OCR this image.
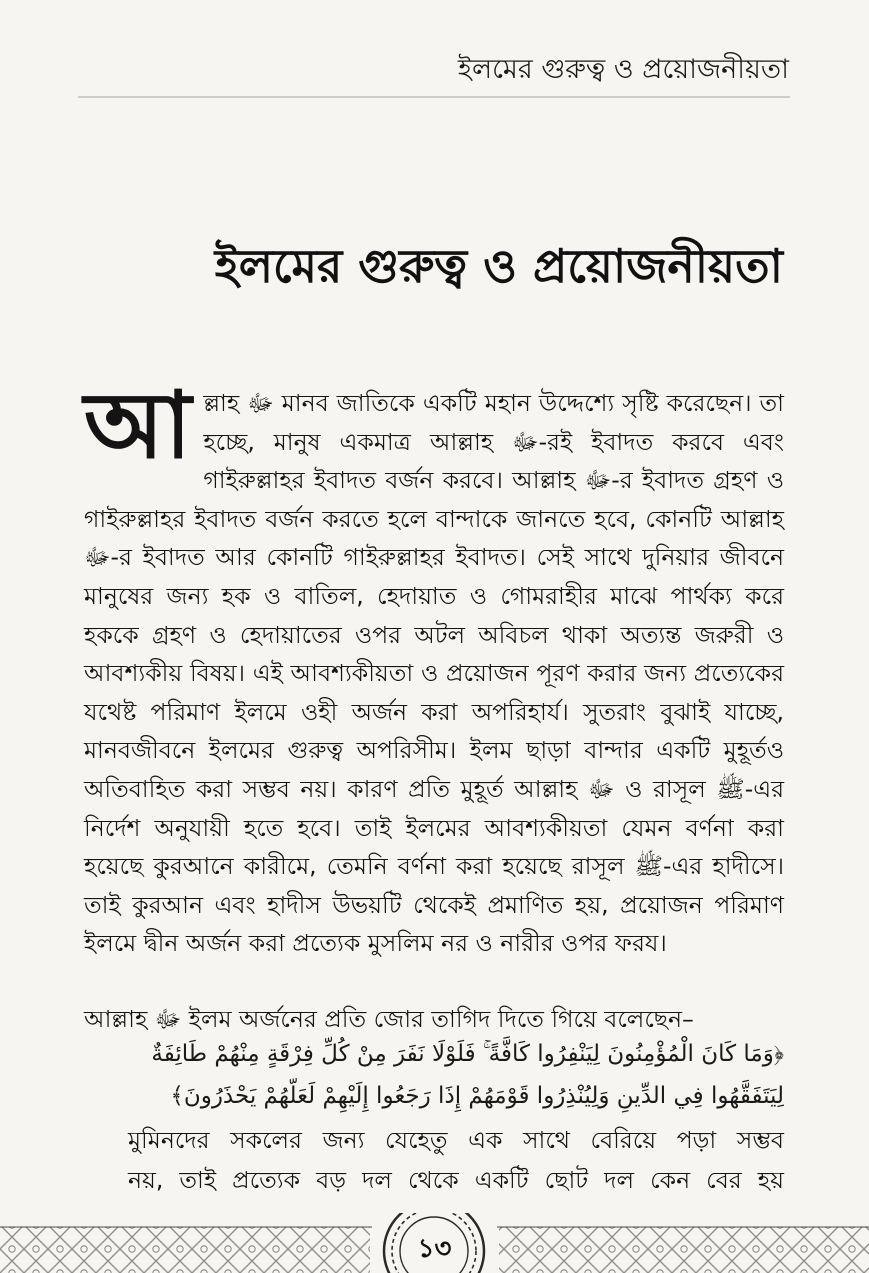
ইলমের গুরুত্ব ও প্রয়োজনীয়তা
ইলমের গুরুত্ব ও প্রয়োজনীয়তা
আল্লাহ ﷻ মানব জাতিকে একটি মহান উদ্দেশ্যে সৃষ্টি করেছেন। তা হচ্ছে, মানুষ একমাত্র আল্লাহ ﷻ-রই ইবাদত করবে এবং গাইরুল্লাহর ইবাদত বর্জন করবে। আল্লাহ ﷻ-র ইবাদত গ্রহণ ও গাইরুল্লাহর ইবাদত বর্জন করতে হলে বান্দাকে জানতে হবে, কোনটি আল্লাহ ﷻ-র ইবাদত আর কোনটি গাইরুল্লাহর ইবাদত। সেই সাথে দুনিয়ার জীবনে মানুষের জন্য হক ও বাতিল, হেদায়াত ও গোমরাহীর মাঝে পার্থক্য করে হককে গ্রহণ ও হেদায়াতের ওপর অটল অবিচল থাকা অত্যন্ত জরুরী ও আবশ্যকীয় বিষয়। এই আবশ্যকীয়তা ও প্রয়োজন পূরণ করার জন্য প্রত্যেকের যথেষ্ট পরিমাণ ইলমে ওহী অর্জন করা অপরিহার্য। সুতরাং বুঝাই যাচ্ছে, মানবজীবনে ইলমের গুরুত্ব অপরিসীম। ইলম ছাড়া বান্দার একটি মুহূর্তও অতিবাহিত করা সম্ভব নয়। কারণ প্রতি মুহূর্ত আল্লাহ ﷻ ও রাসূল ﷺ-এর নির্দেশ অনুযায়ী হতে হবে। তাই ইলমের আবশ্যকীয়তা যেমন বর্ণনা করা হয়েছে কুরআনে কারীমে, তেমনি বর্ণনা করা হয়েছে রাসূল ﷺ-এর হাদীসে। তাই কুরআন এবং হাদীস উভয়টি থেকেই প্রমাণিত হয়, প্রয়োজন পরিমাণ ইলমে দ্বীন অর্জন করা প্রত্যেক মুসলিম নর ও নারীর ওপর ফরয।
আল্লাহ ﷻ ইলম অর্জনের প্রতি জোর তাগিদ দিতে গিয়ে বলেছেন–
﴿وَمَا كَانَ الْمُؤْمِنُونَ لِيَنْفِرُوا كَافَّةً ۚ فَلَوْلَا نَفَرَ مِنْ كُلِّ فِرْقَةٍ مِنْهُمْ طَائِفَةٌ
لِيَتَفَقَّهُوا فِي الدِّينِ وَلِيُنْذِرُوا قَوْمَهُمْ إِذَا رَجَعُوا إِلَيْهِمْ لَعَلَّهُمْ يَحْذَرُونَ﴾
মুমিনদের সকলের জন্য যেহেতু এক সাথে বেরিয়ে পড়া সম্ভব
নয়, তাই প্রত্যেক বড় দল থেকে একটি ছোট দল কেন বের হয়
১৩
